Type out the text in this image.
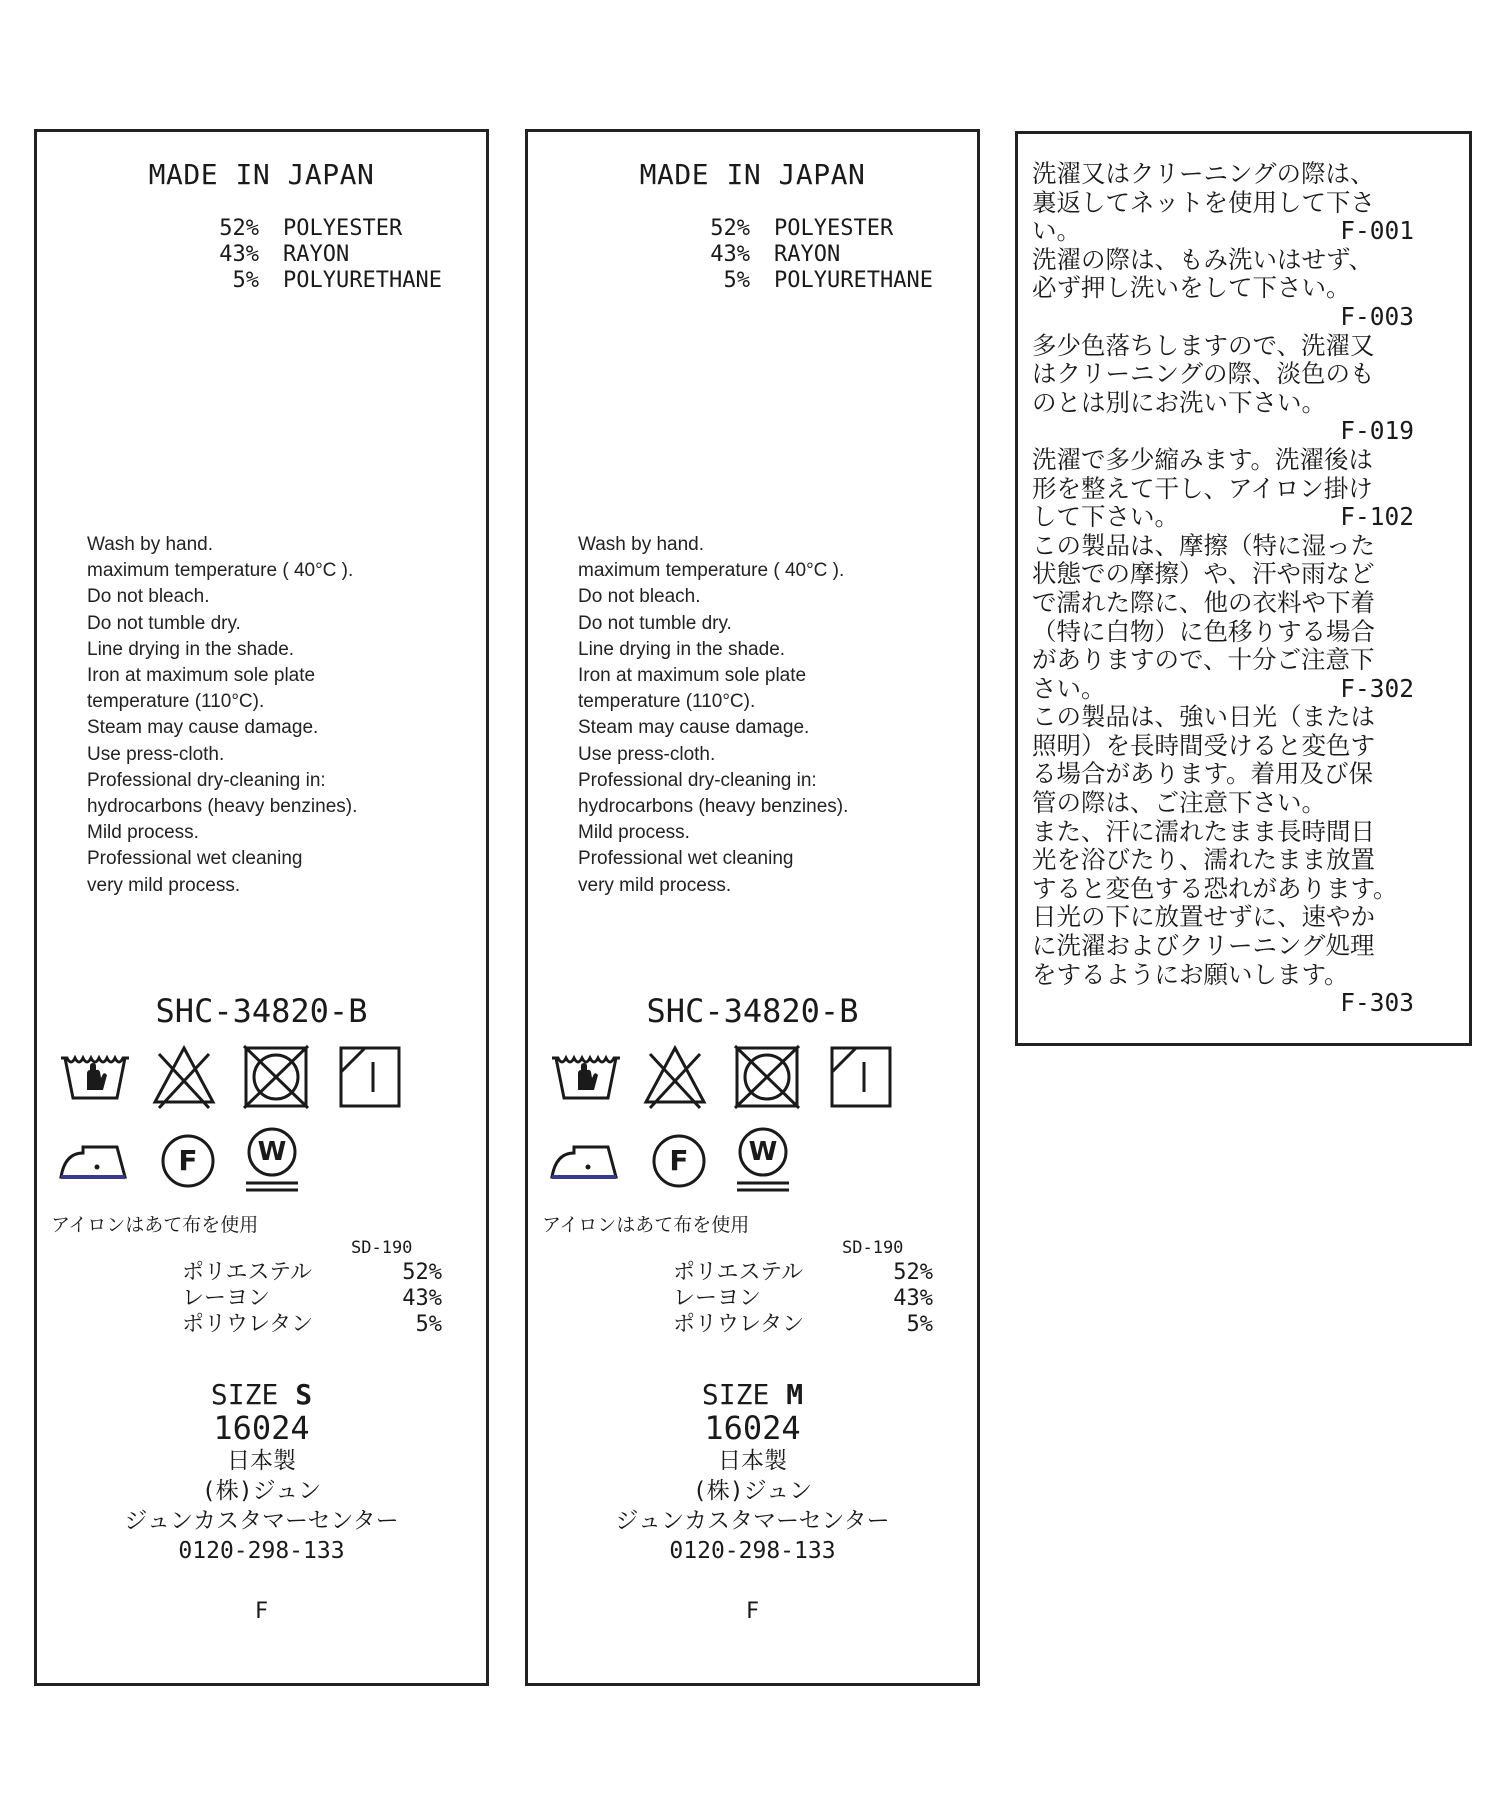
MADE IN JAPAN
52% POLYESTER
43% RAYON
5% POLYURETHANE
Wash by hand.
maximum temperature ( 40°C ).
Do not bleach.
Do not tumble dry.
Line drying in the shade.
Iron at maximum sole plate
temperature (110°C).
Steam may cause damage.
Use press-cloth.
Professional dry-cleaning in:
hydrocarbons (heavy benzines).
Mild process.
Professional wet cleaning
very mild process.
SHC-34820-B
F	W
アイロンはあて布を使用
SD-190
ポリエステル	52%
レーヨン	43%
ポリウレタン	5%
SIZE S
16024
日本製
(株)ジュン
ジュンカスタマーセンター
0120-298-133
F
MADE IN JAPAN
52% POLYESTER
43% RAYON
5% POLYURETHANE
Wash by hand.
maximum temperature ( 40°C ).
Do not bleach.
Do not tumble dry.
Line drying in the shade.
Iron at maximum sole plate
temperature (110°C).
Steam may cause damage.
Use press-cloth.
Professional dry-cleaning in:
hydrocarbons (heavy benzines).
Mild process.
Professional wet cleaning
very mild process.
SHC-34820-B
F	W
アイロンはあて布を使用
SD-190
ポリエステル	52%
レーヨン	43%
ポリウレタン	5%
SIZE M
16024
日本製
(株)ジュン
ジュンカスタマーセンター
0120-298-133
F
洗濯又はクリーニングの際は、
裏返してネットを使用して下さ
い。	F-001
洗濯の際は、もみ洗いはせず、
必ず押し洗いをして下さい。
F-003
多少色落ちしますので、洗濯又
はクリーニングの際、淡色のも
のとは別にお洗い下さい。
F-019
洗濯で多少縮みます。洗濯後は
形を整えて干し、アイロン掛け
して下さい。	F-102
この製品は、摩擦（特に湿った
状態での摩擦）や、汗や雨など
で濡れた際に、他の衣料や下着
（特に白物）に色移りする場合
がありますので、十分ご注意下
さい。	F-302
この製品は、強い日光（または
照明）を長時間受けると変色す
る場合があります。着用及び保
管の際は、ご注意下さい。
また、汗に濡れたまま長時間日
光を浴びたり、濡れたまま放置
すると変色する恐れがあります。
日光の下に放置せずに、速やか
に洗濯およびクリーニング処理
をするようにお願いします。
F-303
